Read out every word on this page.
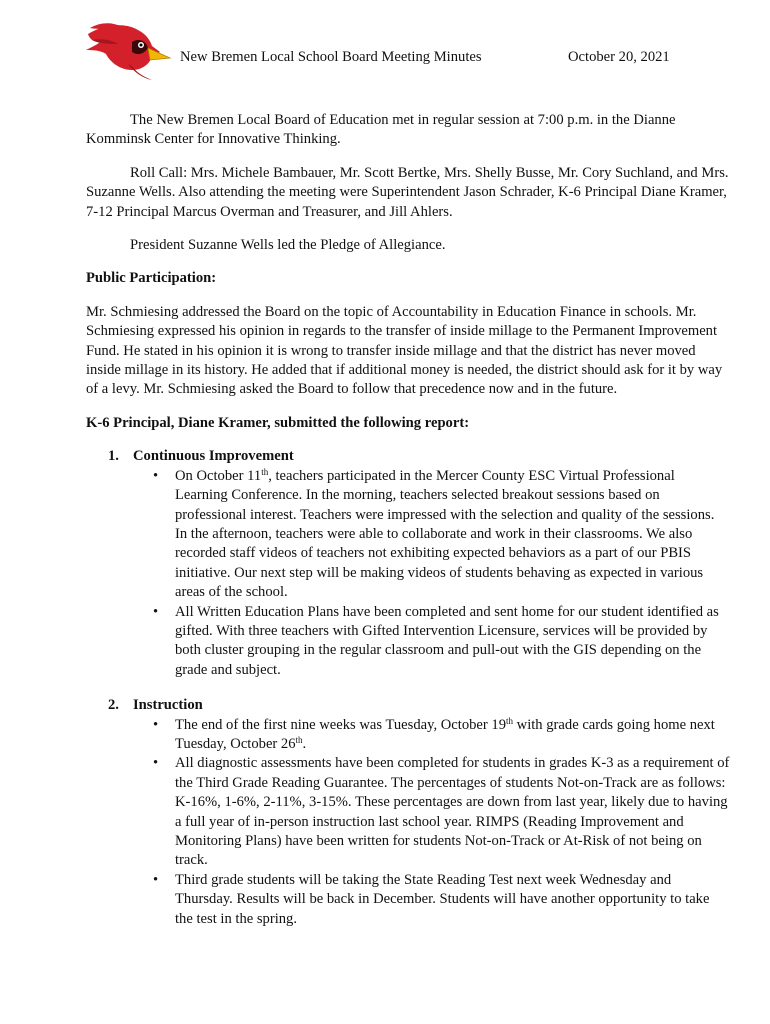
New Bremen Local School Board Meeting Minutes	October 20, 2021

The New Bremen Local Board of Education met in regular session at 7:00 p.m. in the Dianne Komminsk Center for Innovative Thinking.

Roll Call: Mrs. Michele Bambauer, Mr. Scott Bertke, Mrs. Shelly Busse, Mr. Cory Suchland, and Mrs. Suzanne Wells. Also attending the meeting were Superintendent Jason Schrader, K-6 Principal Diane Kramer, 7-12 Principal Marcus Overman and Treasurer, and Jill Ahlers.

President Suzanne Wells led the Pledge of Allegiance.

Public Participation:

Mr. Schmiesing addressed the Board on the topic of Accountability in Education Finance in schools. Mr. Schmiesing expressed his opinion in regards to the transfer of inside millage to the Permanent Improvement Fund. He stated in his opinion it is wrong to transfer inside millage and that the district has never moved inside millage in its history. He added that if additional money is needed, the district should ask for it by way of a levy. Mr. Schmiesing asked the Board to follow that precedence now and in the future.

K-6 Principal, Diane Kramer, submitted the following report:
1. Continuous Improvement
• On October 11th, teachers participated in the Mercer County ESC Virtual Professional Learning Conference. In the morning, teachers selected breakout sessions based on professional interest. Teachers were impressed with the selection and quality of the sessions. In the afternoon, teachers were able to collaborate and work in their classrooms. We also recorded staff videos of teachers not exhibiting expected behaviors as a part of our PBIS initiative. Our next step will be making videos of students behaving as expected in various areas of the school.
• All Written Education Plans have been completed and sent home for our student identified as gifted. With three teachers with Gifted Intervention Licensure, services will be provided by both cluster grouping in the regular classroom and pull-out with the GIS depending on the grade and subject.
2. Instruction
• The end of the first nine weeks was Tuesday, October 19th with grade cards going home next Tuesday, October 26th.
• All diagnostic assessments have been completed for students in grades K-3 as a requirement of the Third Grade Reading Guarantee. The percentages of students Not-on-Track are as follows: K-16%, 1-6%, 2-11%, 3-15%. These percentages are down from last year, likely due to having a full year of in-person instruction last school year. RIMPS (Reading Improvement and Monitoring Plans) have been written for students Not-on-Track or At-Risk of not being on track.
• Third grade students will be taking the State Reading Test next week Wednesday and Thursday. Results will be back in December. Students will have another opportunity to take the test in the spring.
